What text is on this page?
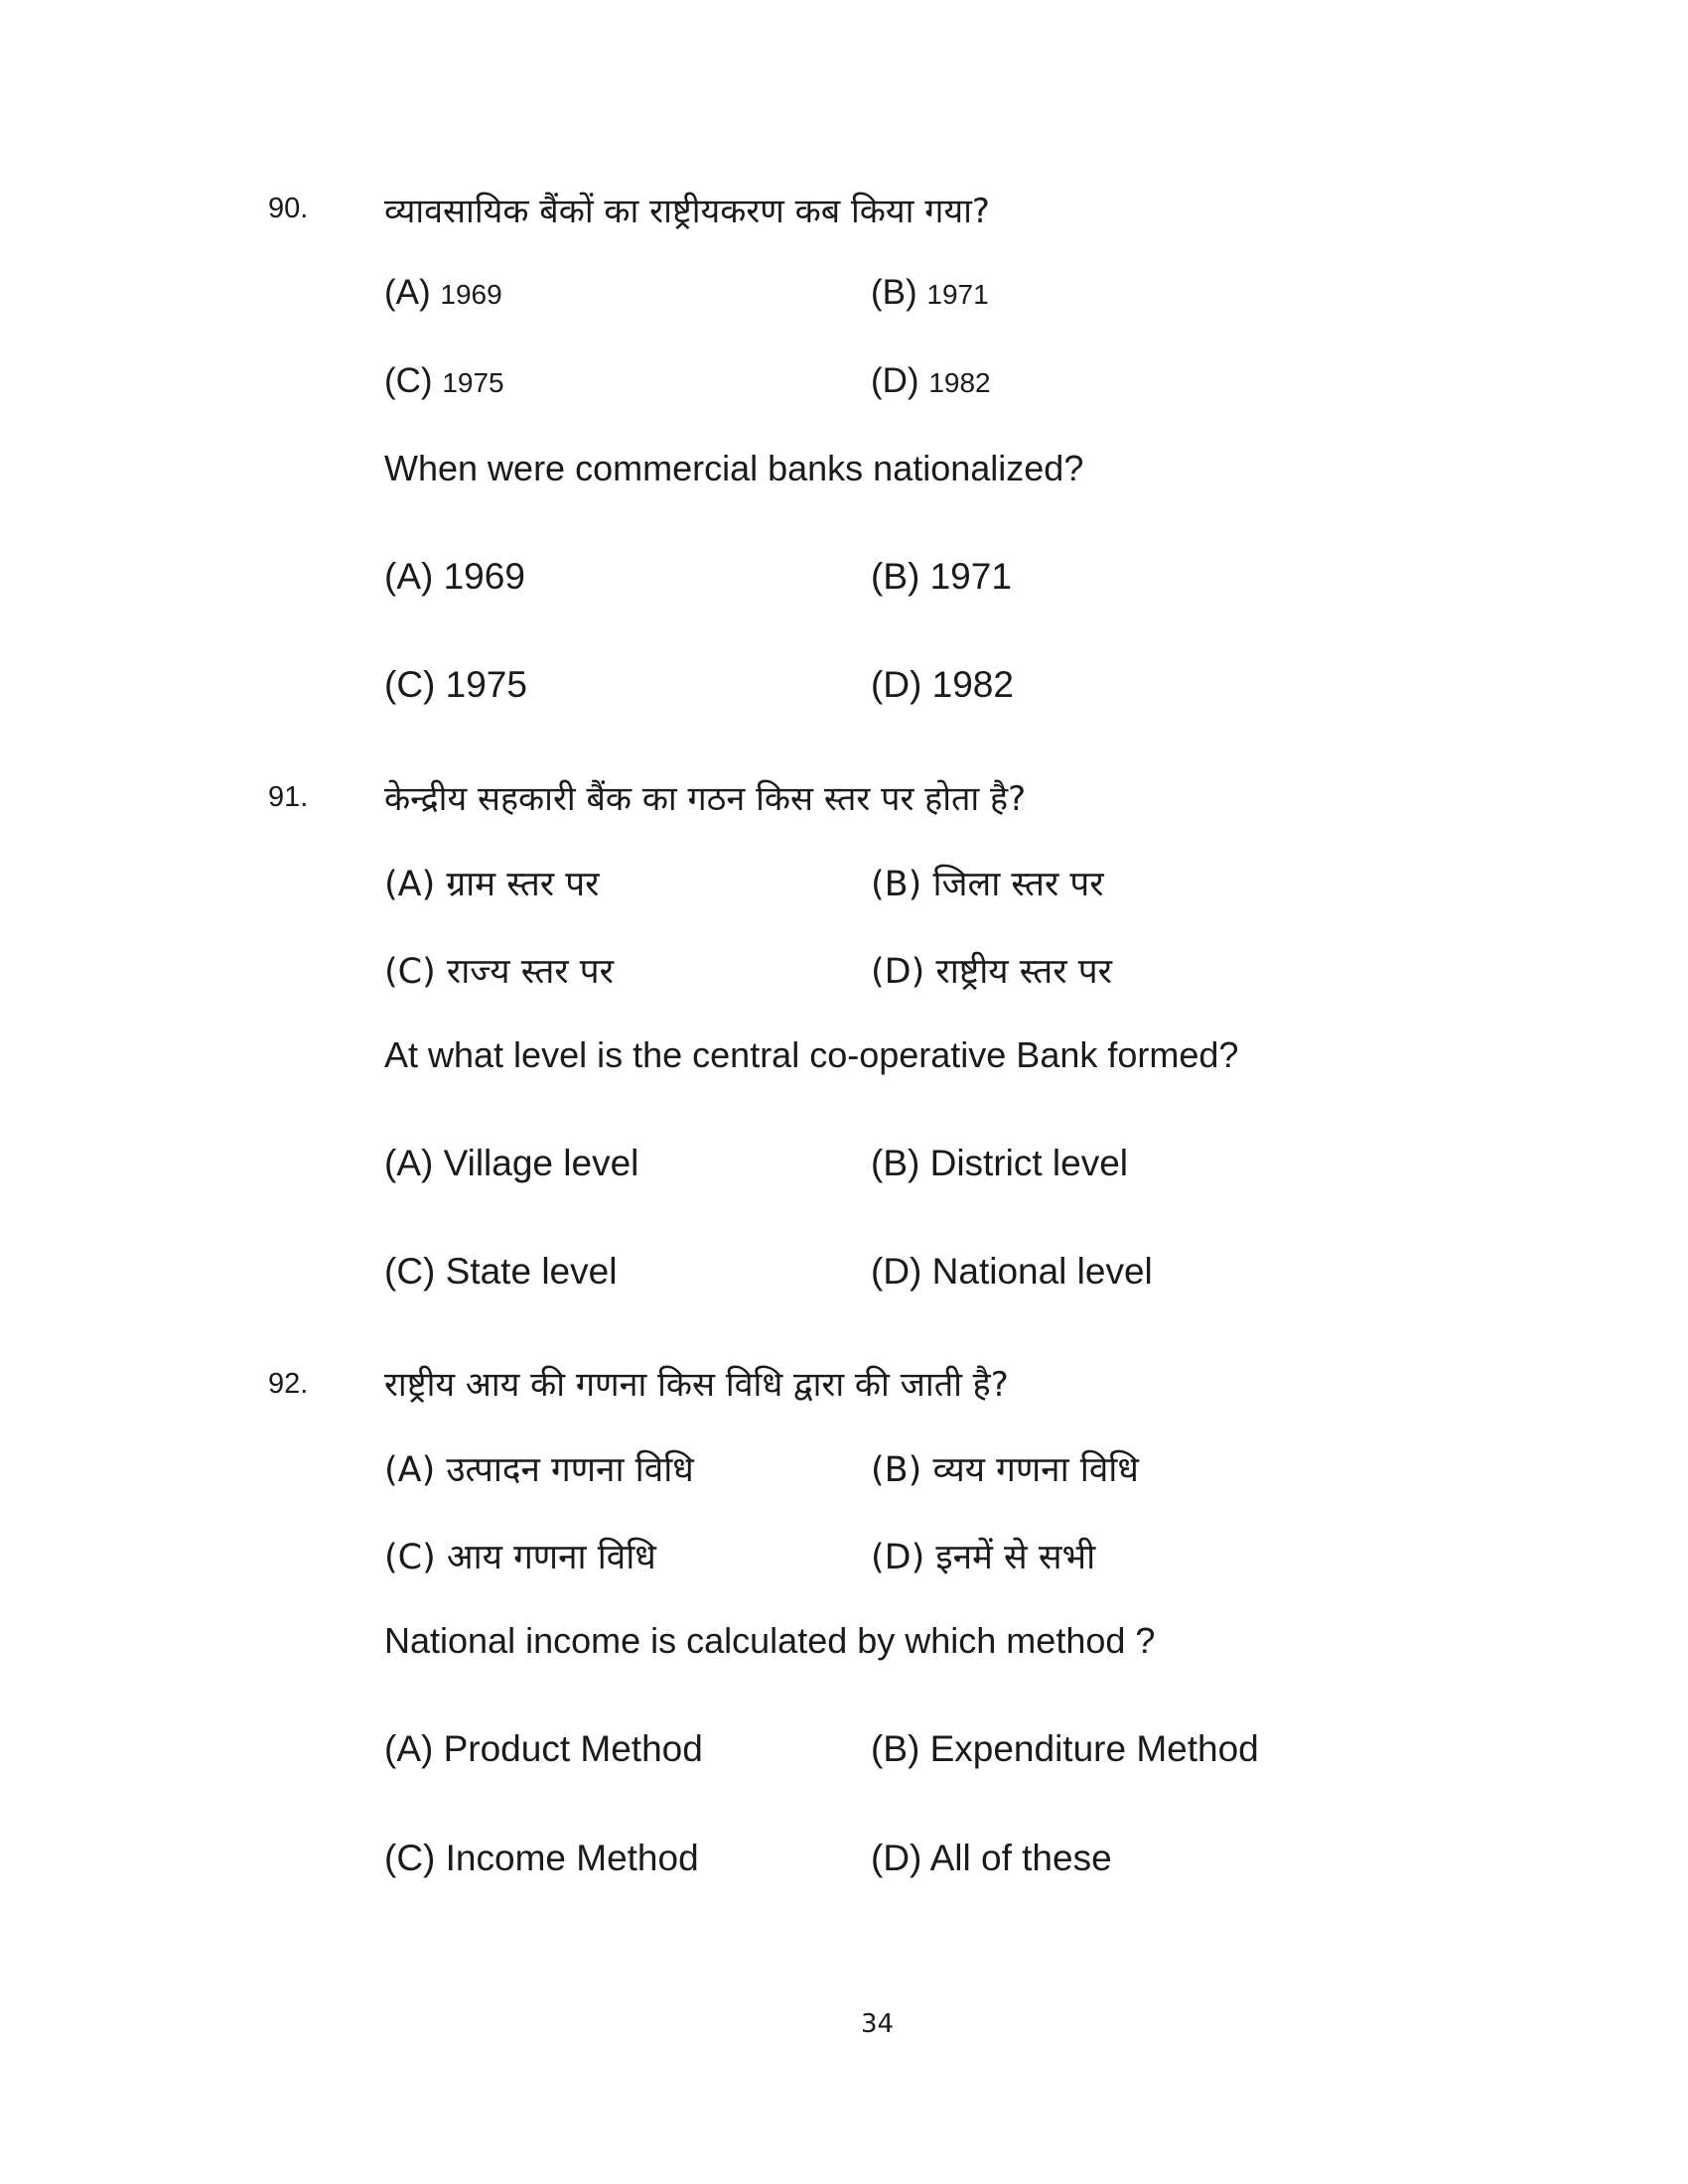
90. व्यावसायिक बैंकों का राष्ट्रीयकरण कब किया गया?
(A) 1969	(B) 1971
(C) 1975	(D) 1982
When were commercial banks nationalized?
(A) 1969	(B) 1971
(C) 1975	(D) 1982
91. केन्द्रीय सहकारी बैंक का गठन किस स्तर पर होता है?
(A) ग्राम स्तर पर	(B) जिला स्तर पर
(C) राज्य स्तर पर	(D) राष्ट्रीय स्तर पर
At what level is the central co-operative Bank formed?
(A) Village level	(B) District level
(C) State level	(D) National level
92. राष्ट्रीय आय की गणना किस विधि द्वारा की जाती है?
(A) उत्पादन गणना विधि	(B) व्यय गणना विधि
(C) आय गणना विधि	(D) इनमें से सभी
National income is calculated by which method ?
(A) Product Method	(B) Expenditure Method
(C) Income Method	(D) All of these
34
